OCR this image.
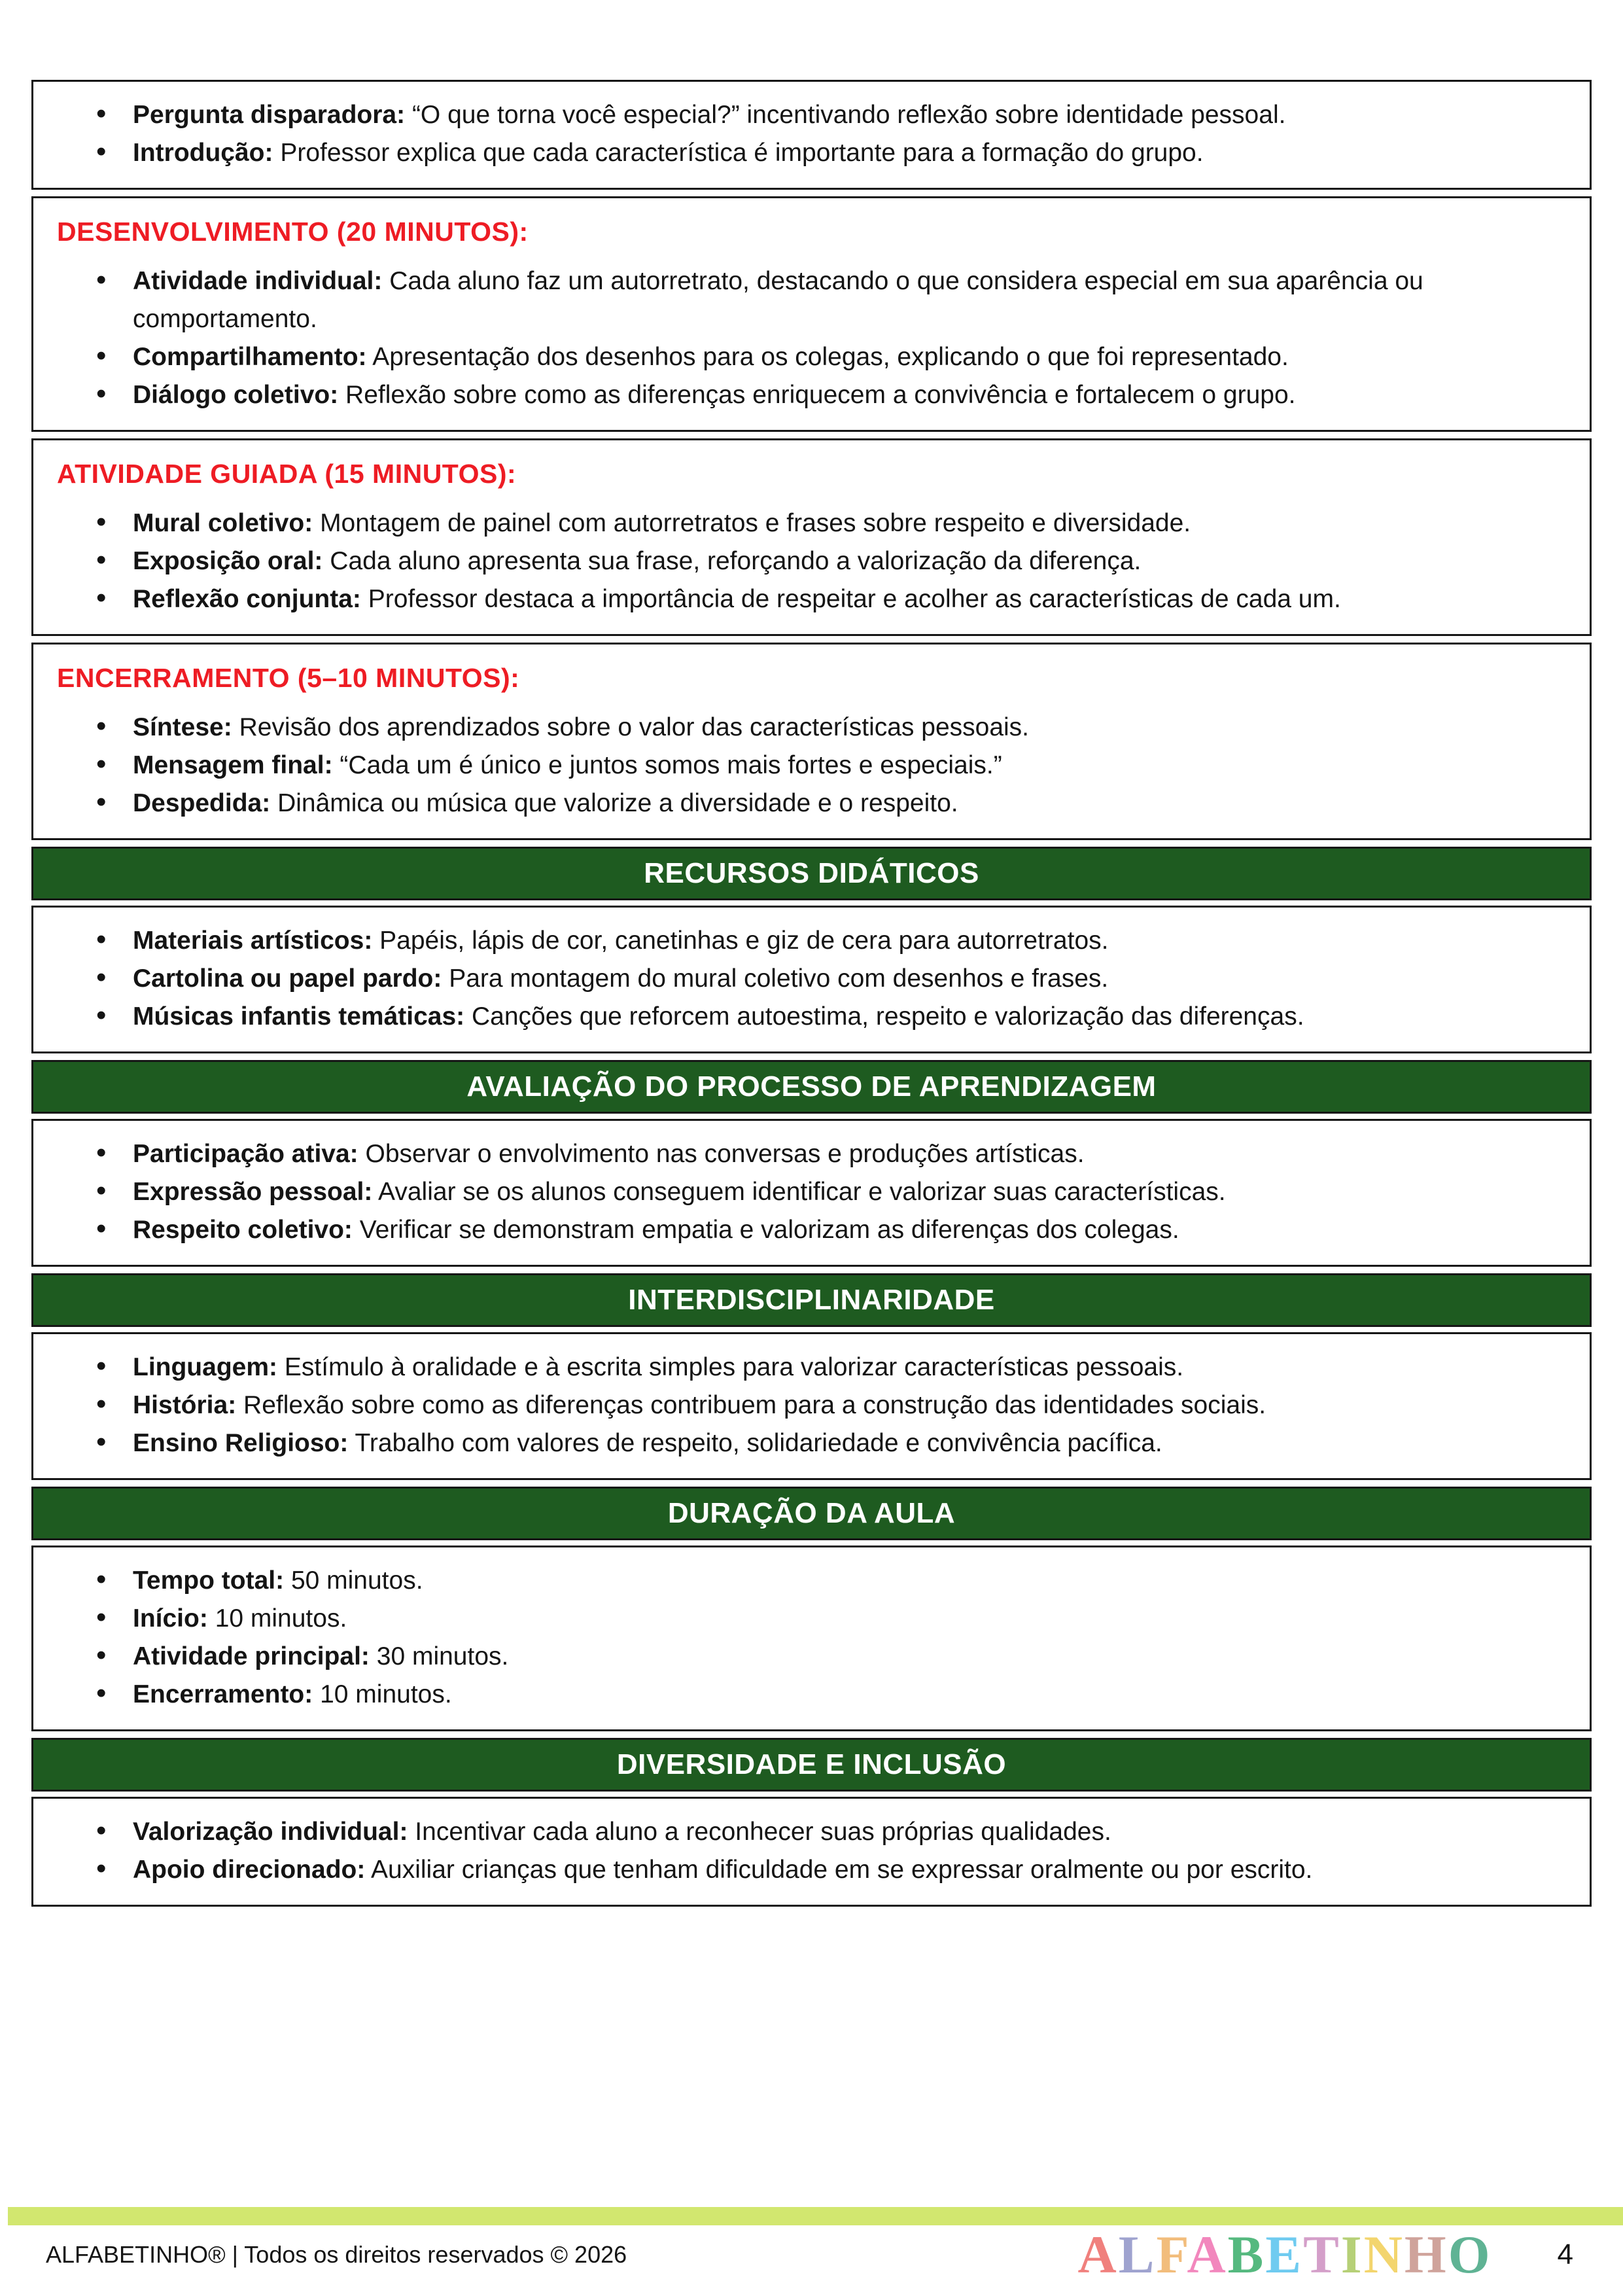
• Pergunta disparadora: “O que torna você especial?” incentivando reflexão sobre identidade pessoal.
• Introdução: Professor explica que cada característica é importante para a formação do grupo.
DESENVOLVIMENTO (20 MINUTOS):
• Atividade individual: Cada aluno faz um autorretrato, destacando o que considera especial em sua aparência ou comportamento.
• Compartilhamento: Apresentação dos desenhos para os colegas, explicando o que foi representado.
• Diálogo coletivo: Reflexão sobre como as diferenças enriquecem a convivência e fortalecem o grupo.
ATIVIDADE GUIADA (15 MINUTOS):
• Mural coletivo: Montagem de painel com autorretratos e frases sobre respeito e diversidade.
• Exposição oral: Cada aluno apresenta sua frase, reforçando a valorização da diferença.
• Reflexão conjunta: Professor destaca a importância de respeitar e acolher as características de cada um.
ENCERRAMENTO (5–10 MINUTOS):
• Síntese: Revisão dos aprendizados sobre o valor das características pessoais.
• Mensagem final: “Cada um é único e juntos somos mais fortes e especiais.”
• Despedida: Dinâmica ou música que valorize a diversidade e o respeito.
RECURSOS DIDÁTICOS
• Materiais artísticos: Papéis, lápis de cor, canetinhas e giz de cera para autorretratos.
• Cartolina ou papel pardo: Para montagem do mural coletivo com desenhos e frases.
• Músicas infantis temáticas: Canções que reforcem autoestima, respeito e valorização das diferenças.
AVALIAÇÃO DO PROCESSO DE APRENDIZAGEM
• Participação ativa: Observar o envolvimento nas conversas e produções artísticas.
• Expressão pessoal: Avaliar se os alunos conseguem identificar e valorizar suas características.
• Respeito coletivo: Verificar se demonstram empatia e valorizam as diferenças dos colegas.
INTERDISCIPLINARIDADE
• Linguagem: Estímulo à oralidade e à escrita simples para valorizar características pessoais.
• História: Reflexão sobre como as diferenças contribuem para a construção das identidades sociais.
• Ensino Religioso: Trabalho com valores de respeito, solidariedade e convivência pacífica.
DURAÇÃO DA AULA
• Tempo total: 50 minutos.
• Início: 10 minutos.
• Atividade principal: 30 minutos.
• Encerramento: 10 minutos.
DIVERSIDADE E INCLUSÃO
• Valorização individual: Incentivar cada aluno a reconhecer suas próprias qualidades.
• Apoio direcionado: Auxiliar crianças que tenham dificuldade em se expressar oralmente ou por escrito.
ALFABETINHO® | Todos os direitos reservados © 2026	ALFABETINHO 4
